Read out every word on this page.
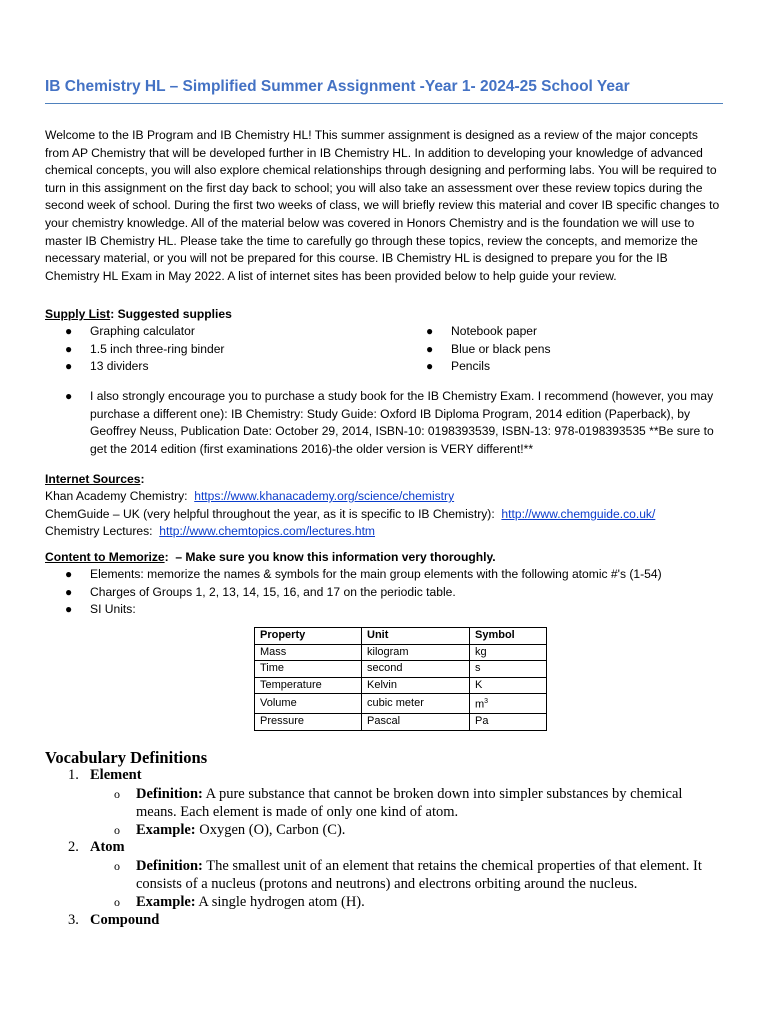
IB Chemistry HL – Simplified Summer Assignment -Year 1- 2024-25 School Year

Welcome to the IB Program and IB Chemistry HL! This summer assignment is designed as a review of the major concepts from AP Chemistry that will be developed further in IB Chemistry HL. In addition to developing your knowledge of advanced chemical concepts, you will also explore chemical relationships through designing and performing labs. You will be required to turn in this assignment on the first day back to school; you will also take an assessment over these review topics during the second week of school. During the first two weeks of class, we will briefly review this material and cover IB specific changes to your chemistry knowledge. All of the material below was covered in Honors Chemistry and is the foundation we will use to master IB Chemistry HL. Please take the time to carefully go through these topics, review the concepts, and memorize the necessary material, or you will not be prepared for this course. IB Chemistry HL is designed to prepare you for the IB Chemistry HL Exam in May 2022. A list of internet sites has been provided below to help guide your review.

Supply List: Suggested supplies
● Graphing calculator
● 1.5 inch three-ring binder
● 13 dividers
● Notebook paper
● Blue or black pens
● Pencils
● I also strongly encourage you to purchase a study book for the IB Chemistry Exam. I recommend (however, you may purchase a different one): IB Chemistry: Study Guide: Oxford IB Diploma Program, 2014 edition (Paperback), by Geoffrey Neuss, Publication Date: October 29, 2014, ISBN-10: 0198393539, ISBN-13: 978-0198393535 **Be sure to get the 2014 edition (first examinations 2016)-the older version is VERY different!**
Internet Sources:
Khan Academy Chemistry:  https://www.khanacademy.org/science/chemistry
ChemGuide – UK (very helpful throughout the year, as it is specific to IB Chemistry):  http://www.chemguide.co.uk/
Chemistry Lectures:  http://www.chemtopics.com/lectures.htm
Content to Memorize:  – Make sure you know this information very thoroughly.
● Elements: memorize the names & symbols for the main group elements with the following atomic #'s (1-54)
● Charges of Groups 1, 2, 13, 14, 15, 16, and 17 on the periodic table.
● SI Units:
Property	Unit	Symbol
Mass	kilogram	kg
Time	second	s
Temperature	Kelvin	K
Volume	cubic meter	$m^3$
Pressure	Pascal	Pa
Vocabulary Definitions
1. Element
o Definition: A pure substance that cannot be broken down into simpler substances by chemical means. Each element is made of only one kind of atom.
o Example: Oxygen (O), Carbon (C).
2. Atom
o Definition: The smallest unit of an element that retains the chemical properties of that element. It consists of a nucleus (protons and neutrons) and electrons orbiting around the nucleus.
o Example: A single hydrogen atom (H).
3. Compound
